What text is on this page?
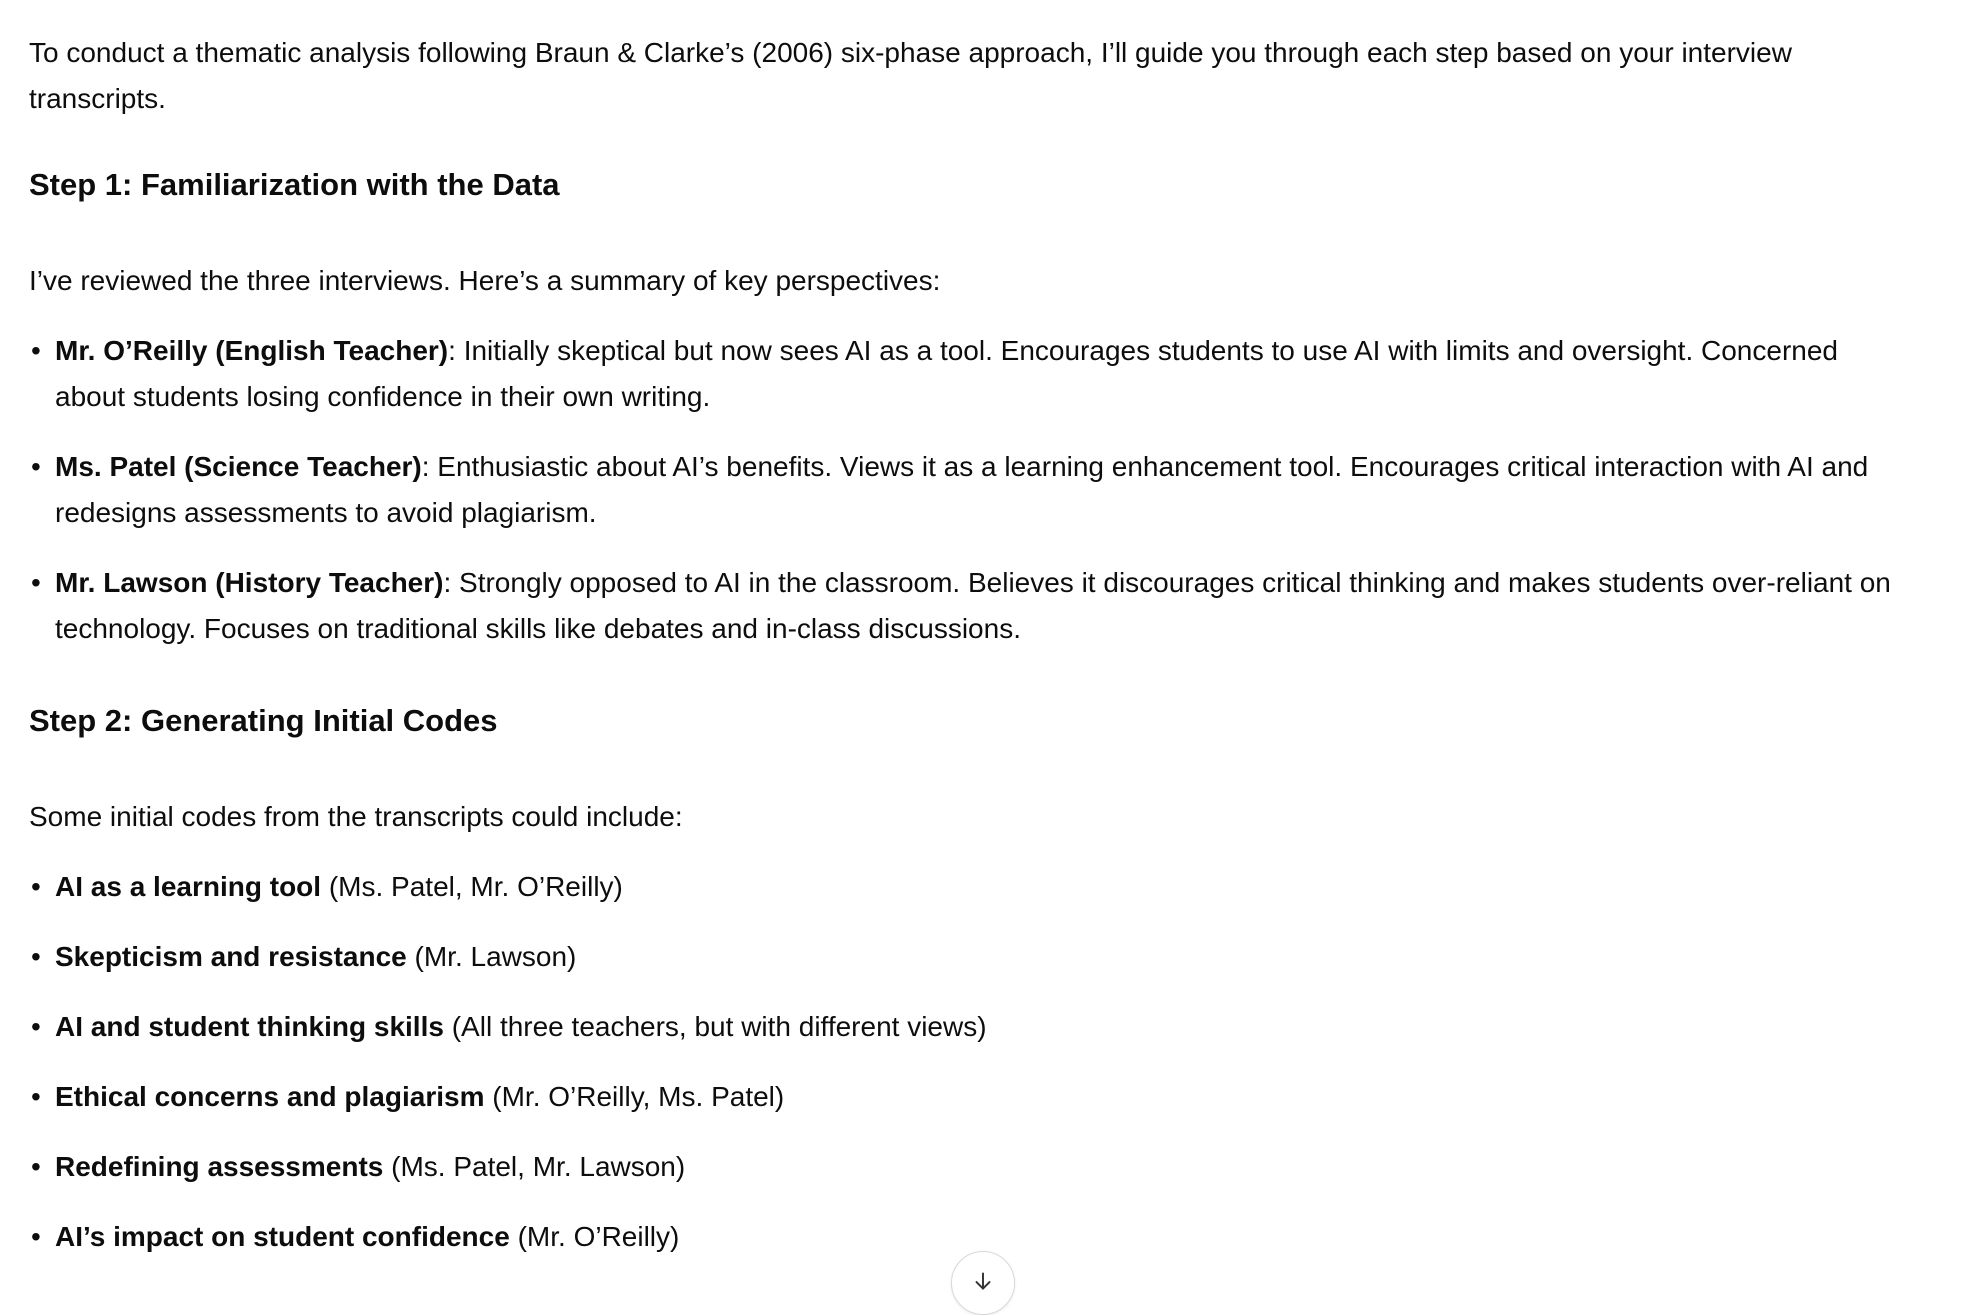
To conduct a thematic analysis following Braun & Clarke’s (2006) six-phase approach, I’ll guide you through each step based on your interview transcripts.

Step 1: Familiarization with the Data

I’ve reviewed the three interviews. Here’s a summary of key perspectives:

• Mr. O’Reilly (English Teacher): Initially skeptical but now sees AI as a tool. Encourages students to use AI with limits and oversight. Concerned about students losing confidence in their own writing.
• Ms. Patel (Science Teacher): Enthusiastic about AI’s benefits. Views it as a learning enhancement tool. Encourages critical interaction with AI and redesigns assessments to avoid plagiarism.
• Mr. Lawson (History Teacher): Strongly opposed to AI in the classroom. Believes it discourages critical thinking and makes students over-reliant on technology. Focuses on traditional skills like debates and in-class discussions.
Step 2: Generating Initial Codes

Some initial codes from the transcripts could include:

• AI as a learning tool (Ms. Patel, Mr. O’Reilly)
• Skepticism and resistance (Mr. Lawson)
• AI and student thinking skills (All three teachers, but with different views)
• Ethical concerns and plagiarism (Mr. O’Reilly, Ms. Patel)
• Redefining assessments (Ms. Patel, Mr. Lawson)
• AI’s impact on student confidence (Mr. O’Reilly)
